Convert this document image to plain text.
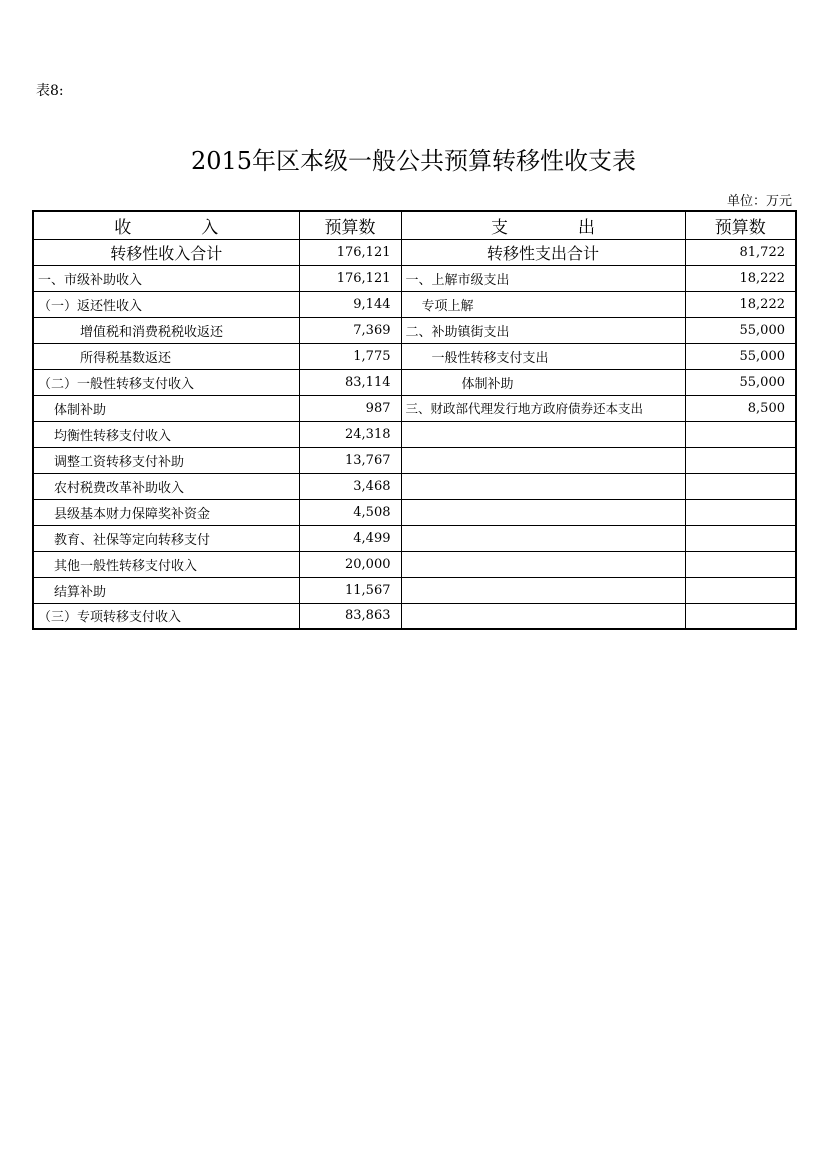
表8:
2015年区本级一般公共预算转移性收支表
单位：万元
收 入	预算数	支 出	预算数
转移性收入合计	176,121	转移性支出合计	81,722
一、市级补助收入	176,121	一、上解市级支出	18,222
（一）返还性收入	9,144	专项上解	18,222
增值税和消费税税收返还	7,369	二、补助镇街支出	55,000
所得税基数返还	1,775	一般性转移支付支出	55,000
（二）一般性转移支付收入	83,114	体制补助	55,000
体制补助	987	三、财政部代理发行地方政府债券还本支出	8,500
均衡性转移支付收入	24,318		
调整工资转移支付补助	13,767		
农村税费改革补助收入	3,468		
县级基本财力保障奖补资金	4,508		
教育、社保等定向转移支付	4,499		
其他一般性转移支付收入	20,000		
结算补助	11,567		
（三）专项转移支付收入	83,863		
